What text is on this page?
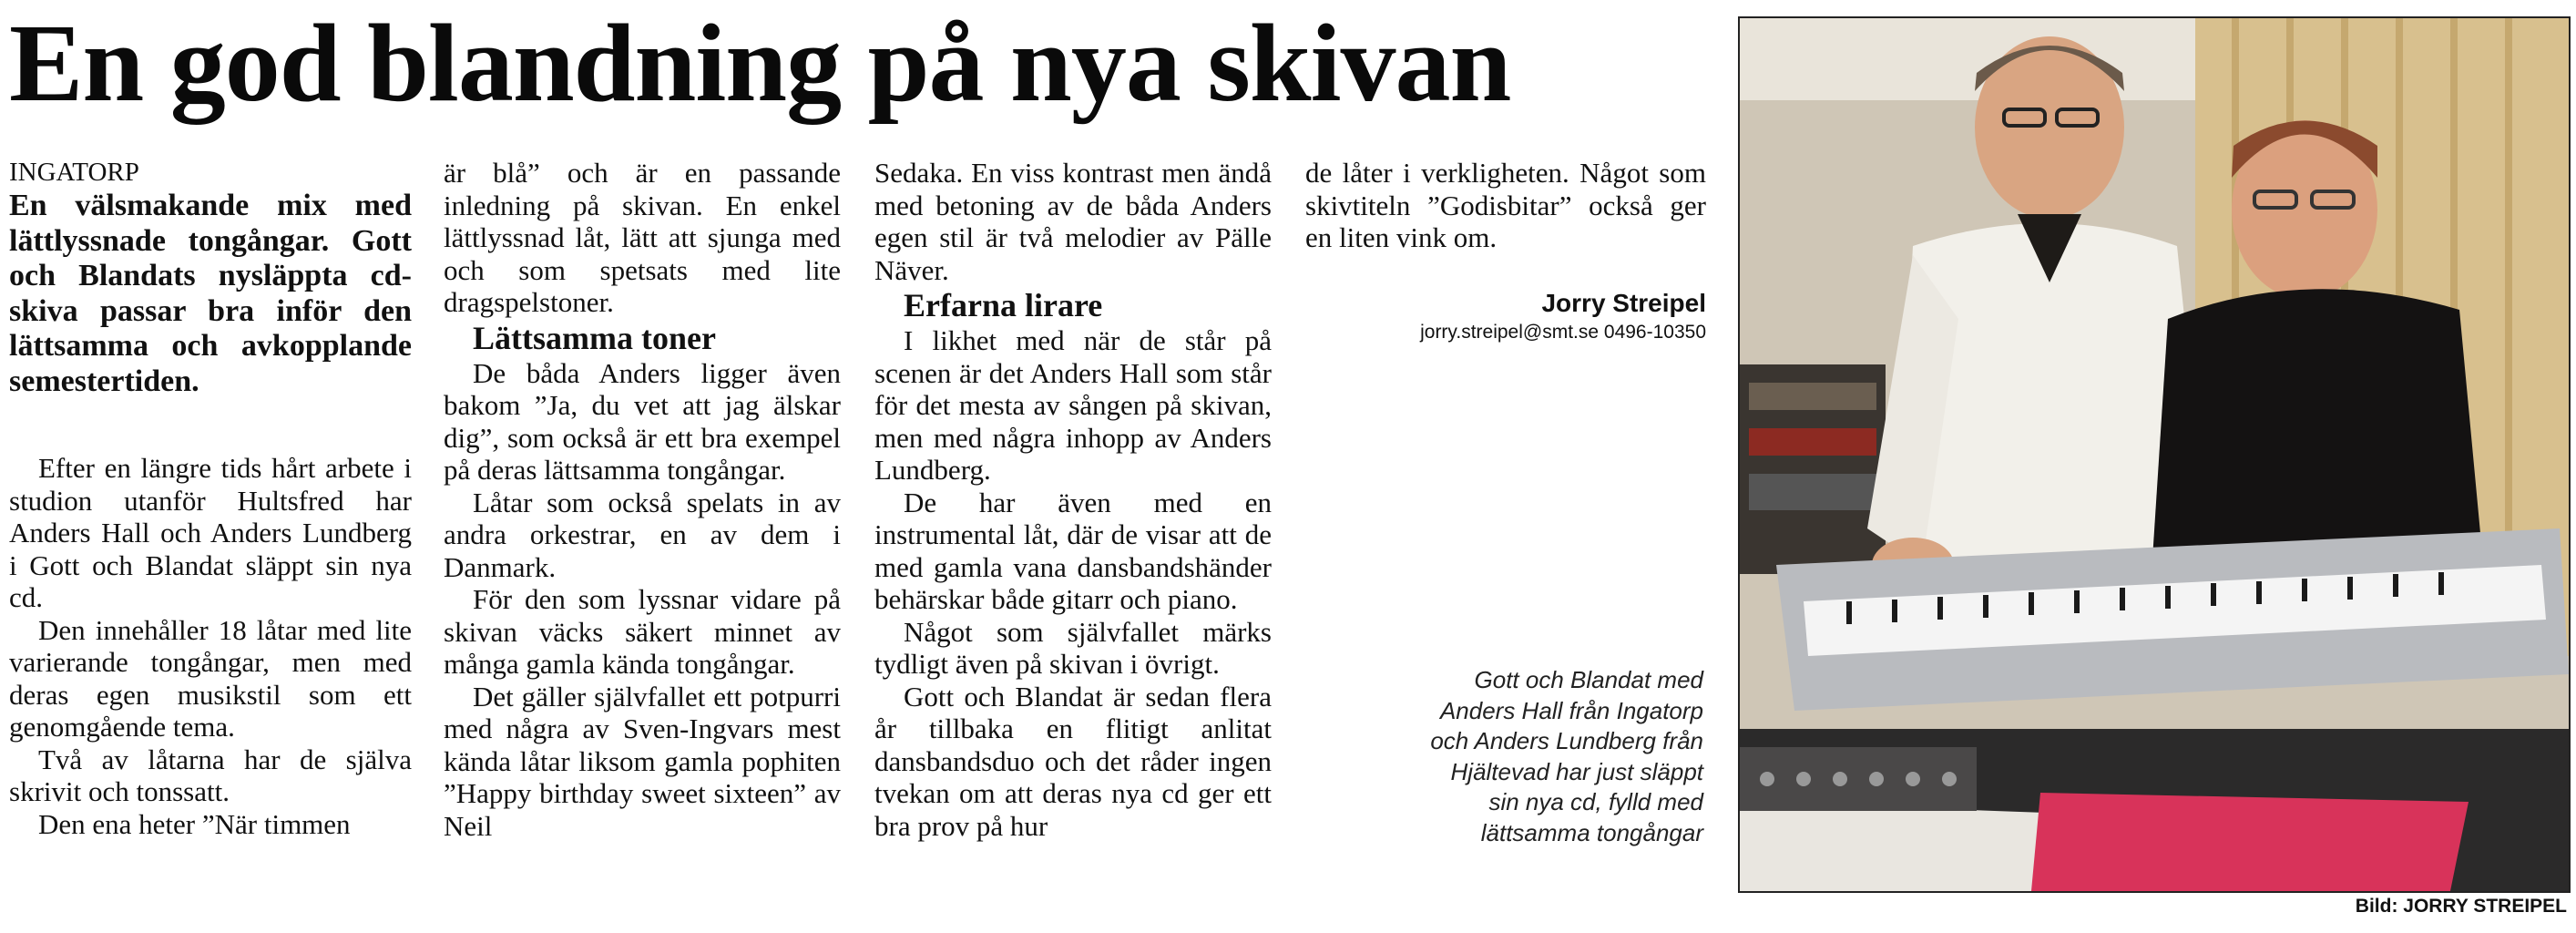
En god blandning på nya skivan
INGATORP

En välsmakande mix med lättlyssnade tongångar. Gott och Blandats nysläppta cd-skiva passar bra inför den lättsamma och avkopplande semestertiden.

Efter en längre tids hårt arbete i studion utanför Hultsfred har Anders Hall och Anders Lundberg i Gott och Blandat släppt sin nya cd.

Den innehåller 18 låtar med lite varierande tongångar, men med deras egen musikstil som ett genomgående tema.

Två av låtarna har de själva skrivit och tonssatt.

Den ena heter ”När timmen

är blå” och är en passande inledning på skivan. En enkel lättlyssnad låt, lätt att sjunga med och som spetsats med lite dragspelstoner.

Lättsamma toner

De båda Anders ligger även bakom ”Ja, du vet att jag älskar dig”, som också är ett bra exempel på deras lättsamma tongångar.

Låtar som också spelats in av andra orkestrar, en av dem i Danmark.

För den som lyssnar vidare på skivan väcks säkert minnet av många gamla kända tongångar.

Det gäller självfallet ett potpurri med några av Sven-Ingvars mest kända låtar liksom gamla pophiten ”Happy birthday sweet sixteen” av Neil

Sedaka. En viss kontrast men ändå med betoning av de båda Anders egen stil är två melodier av Pälle Näver.

Erfarna lirare

I likhet med när de står på scenen är det Anders Hall som står för det mesta av sången på skivan, men med några inhopp av Anders Lundberg.

De har även med en instrumental låt, där de visar att de med gamla vana dansbandshänder behärskar både gitarr och piano.

Något som självfallet märks tydligt även på skivan i övrigt.

Gott och Blandat är sedan flera år tillbaka en flitigt anlitat dansbandsduo och det råder ingen tvekan om att deras nya cd ger ett bra prov på hur

de låter i verkligheten. Något som skivtiteln ”Godisbitar” också ger en liten vink om.

Jorry Streipel
jorry.streipel@smt.se 0496-10350
Gott och Blandat med Anders Hall från Ingatorp och Anders Lundberg från Hjältevad har just släppt sin nya cd, fylld med lättsamma tongångar
Bild: JORRY STREIPEL
